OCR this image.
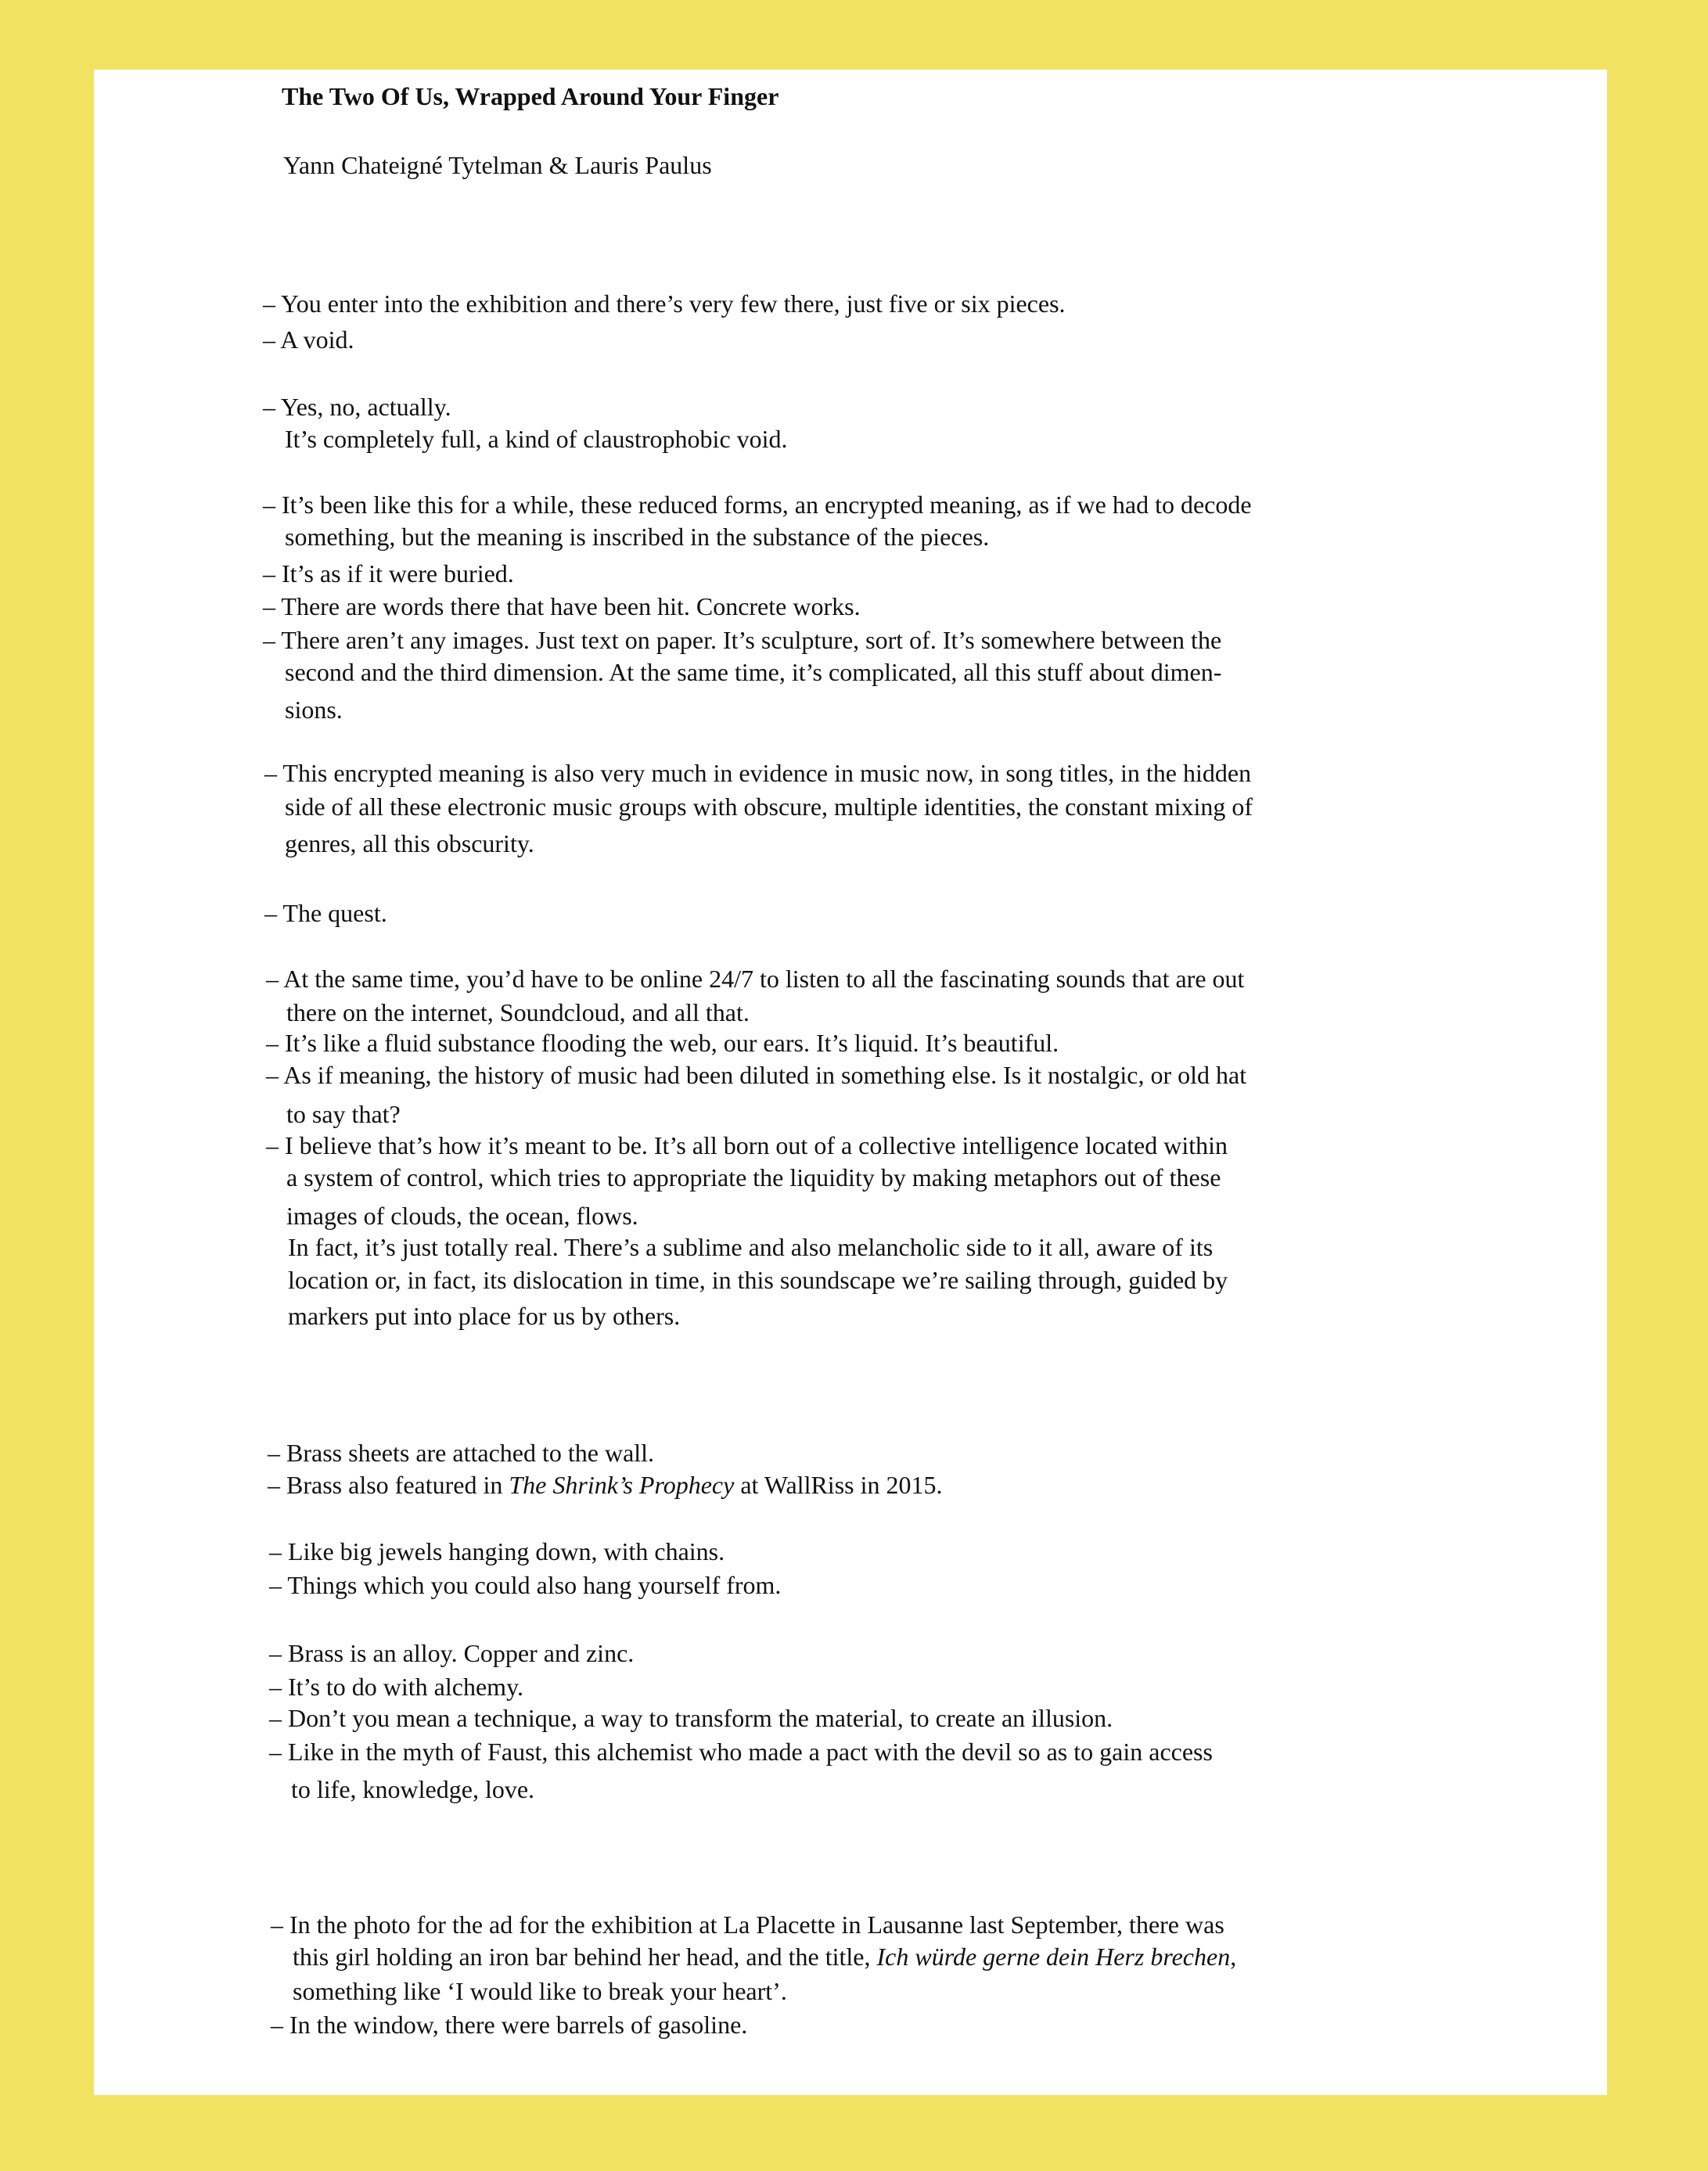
The Two Of Us, Wrapped Around Your Finger

Yann Chateigné Tytelman & Lauris Paulus

– You enter into the exhibition and there’s very few there, just five or six pieces.

– A void.

– Yes, no, actually.

It’s completely full, a kind of claustrophobic void.

– It’s been like this for a while, these reduced forms, an encrypted meaning, as if we had to decode

something, but the meaning is inscribed in the substance of the pieces.

– It’s as if it were buried.

– There are words there that have been hit. Concrete works.

– There aren’t any images. Just text on paper. It’s sculpture, sort of. It’s somewhere between the

second and the third dimension. At the same time, it’s complicated, all this stuff about dimen-

sions.

– This encrypted meaning is also very much in evidence in music now, in song titles, in the hidden

side of all these electronic music groups with obscure, multiple identities, the constant mixing of

genres, all this obscurity.

– The quest.

– At the same time, you’d have to be online 24/7 to listen to all the fascinating sounds that are out

there on the internet, Soundcloud, and all that.

– It’s like a fluid substance flooding the web, our ears. It’s liquid. It’s beautiful.

– As if meaning, the history of music had been diluted in something else. Is it nostalgic, or old hat

to say that?

– I believe that’s how it’s meant to be. It’s all born out of a collective intelligence located within

a system of control, which tries to appropriate the liquidity by making metaphors out of these

images of clouds, the ocean, flows.

In fact, it’s just totally real. There’s a sublime and also melancholic side to it all, aware of its

location or, in fact, its dislocation in time, in this soundscape we’re sailing through, guided by

markers put into place for us by others.

– Brass sheets are attached to the wall.

– Brass also featured in The Shrink’s Prophecy at WallRiss in 2015.

– Like big jewels hanging down, with chains.

– Things which you could also hang yourself from.

– Brass is an alloy. Copper and zinc.

– It’s to do with alchemy.

– Don’t you mean a technique, a way to transform the material, to create an illusion.

– Like in the myth of Faust, this alchemist who made a pact with the devil so as to gain access

to life, knowledge, love.

– In the photo for the ad for the exhibition at La Placette in Lausanne last September, there was

this girl holding an iron bar behind her head, and the title, Ich würde gerne dein Herz brechen,

something like ‘I would like to break your heart’.

– In the window, there were barrels of gasoline.
